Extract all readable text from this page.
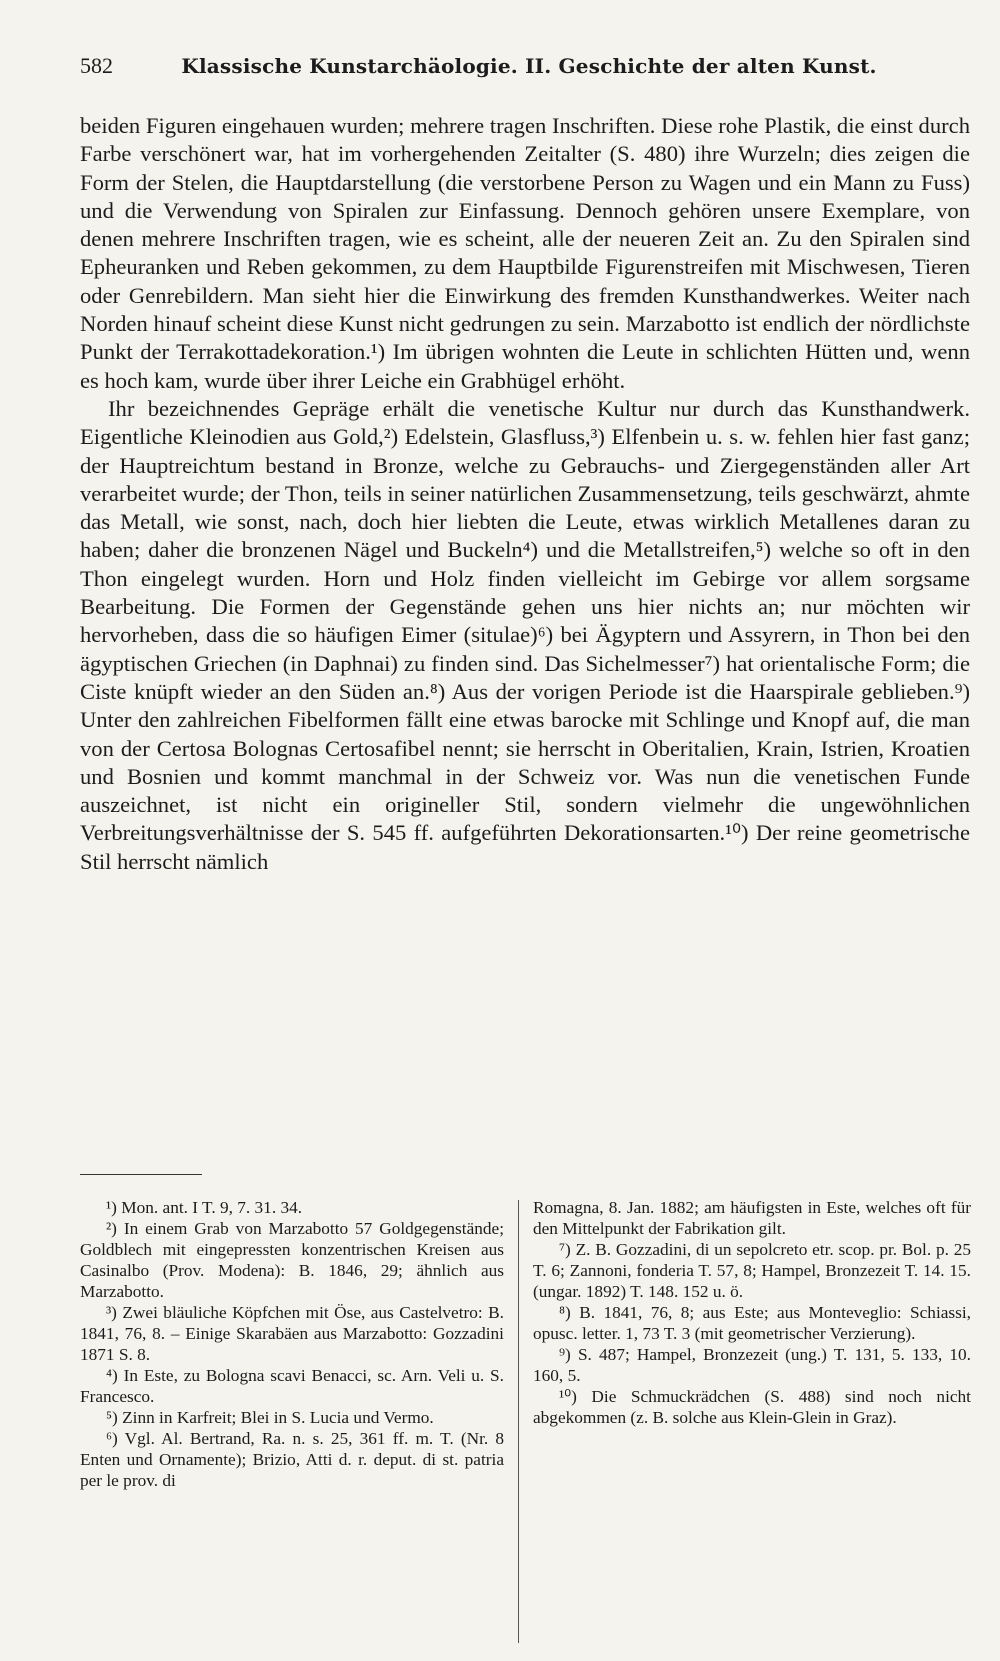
582	Klassische Kunstarchäologie. II. Geschichte der alten Kunst.

beiden Figuren eingehauen wurden; mehrere tragen Inschriften. Diese rohe Plastik, die einst durch Farbe verschönert war, hat im vorhergehenden Zeitalter (S. 480) ihre Wurzeln; dies zeigen die Form der Stelen, die Hauptdarstellung (die verstorbene Person zu Wagen und ein Mann zu Fuss) und die Verwendung von Spiralen zur Einfassung. Dennoch gehören unsere Exemplare, von denen mehrere Inschriften tragen, wie es scheint, alle der neueren Zeit an. Zu den Spiralen sind Epheuranken und Reben gekommen, zu dem Hauptbilde Figurenstreifen mit Mischwesen, Tieren oder Genrebildern. Man sieht hier die Einwirkung des fremden Kunsthandwerkes. Weiter nach Norden hinauf scheint diese Kunst nicht gedrungen zu sein. Marzabotto ist endlich der nördlichste Punkt der Terrakottadekoration.¹) Im übrigen wohnten die Leute in schlichten Hütten und, wenn es hoch kam, wurde über ihrer Leiche ein Grabhügel erhöht.

Ihr bezeichnendes Gepräge erhält die venetische Kultur nur durch das Kunsthandwerk. Eigentliche Kleinodien aus Gold,²) Edelstein, Glasfluss,³) Elfenbein u. s. w. fehlen hier fast ganz; der Hauptreichtum bestand in Bronze, welche zu Gebrauchs- und Ziergegenständen aller Art verarbeitet wurde; der Thon, teils in seiner natürlichen Zusammensetzung, teils geschwärzt, ahmte das Metall, wie sonst, nach, doch hier liebten die Leute, etwas wirklich Metallenes daran zu haben; daher die bronzenen Nägel und Buckeln⁴) und die Metallstreifen,⁵) welche so oft in den Thon eingelegt wurden. Horn und Holz finden vielleicht im Gebirge vor allem sorgsame Bearbeitung. Die Formen der Gegenstände gehen uns hier nichts an; nur möchten wir hervorheben, dass die so häufigen Eimer (situlae)⁶) bei Ägyptern und Assyrern, in Thon bei den ägyptischen Griechen (in Daphnai) zu finden sind. Das Sichelmesser⁷) hat orientalische Form; die Ciste knüpft wieder an den Süden an.⁸) Aus der vorigen Periode ist die Haarspirale geblieben.⁹) Unter den zahlreichen Fibelformen fällt eine etwas barocke mit Schlinge und Knopf auf, die man von der Certosa Bolognas Certosafibel nennt; sie herrscht in Oberitalien, Krain, Istrien, Kroatien und Bosnien und kommt manchmal in der Schweiz vor. Was nun die venetischen Funde auszeichnet, ist nicht ein origineller Stil, sondern vielmehr die ungewöhnlichen Verbreitungsverhältnisse der S. 545 ff. aufgeführten Dekorationsarten.¹⁰) Der reine geometrische Stil herrscht nämlich

¹) Mon. ant. I T. 9, 7. 31. 34.

²) In einem Grab von Marzabotto 57 Goldgegenstände; Goldblech mit eingepressten konzentrischen Kreisen aus Casinalbo (Prov. Modena): B. 1846, 29; ähnlich aus Marzabotto.

³) Zwei bläuliche Köpfchen mit Öse, aus Castelvetro: B. 1841, 76, 8. – Einige Skarabäen aus Marzabotto: Gozzadini 1871 S. 8.

⁴) In Este, zu Bologna scavi Benacci, sc. Arn. Veli u. S. Francesco.

⁵) Zinn in Karfreit; Blei in S. Lucia und Vermo.

⁶) Vgl. Al. Bertrand, Ra. n. s. 25, 361 ff. m. T. (Nr. 8 Enten und Ornamente); Brizio, Atti d. r. deput. di st. patria per le prov. di

Romagna, 8. Jan. 1882; am häufigsten in Este, welches oft für den Mittelpunkt der Fabrikation gilt.

⁷) Z. B. Gozzadini, di un sepolcreto etr. scop. pr. Bol. p. 25 T. 6; Zannoni, fonderia T. 57, 8; Hampel, Bronzezeit T. 14. 15. (ungar. 1892) T. 148. 152 u. ö.

⁸) B. 1841, 76, 8; aus Este; aus Monteveglio: Schiassi, opusc. letter. 1, 73 T. 3 (mit geometrischer Verzierung).

⁹) S. 487; Hampel, Bronzezeit (ung.) T. 131, 5. 133, 10. 160, 5.

¹⁰) Die Schmuckrädchen (S. 488) sind noch nicht abgekommen (z. B. solche aus Klein-Glein in Graz).
